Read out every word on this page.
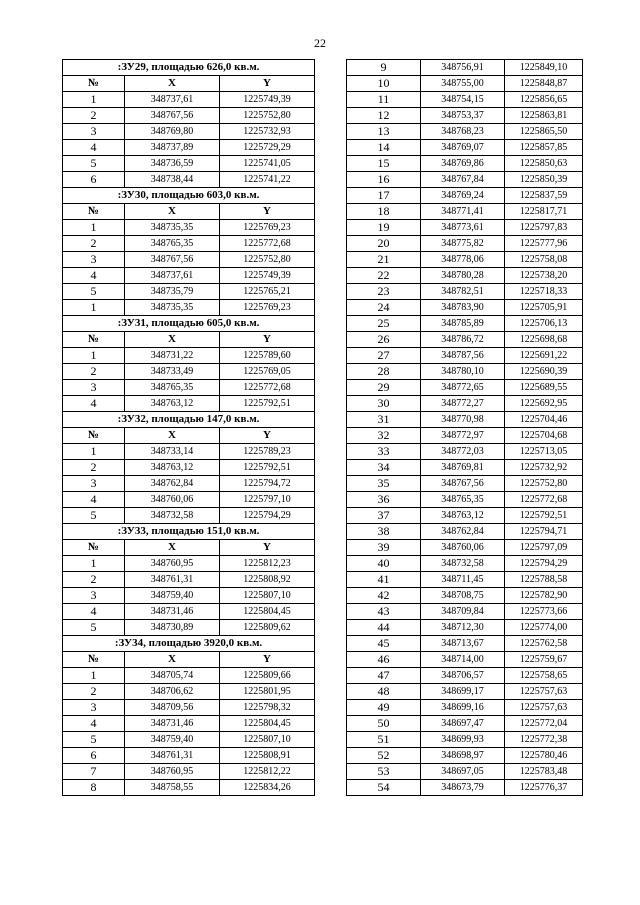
22
:ЗУ29, площадью 626,0 кв.м.		
№	X	Y
1	348737,61	1225749,39
2	348767,56	1225752,80
3	348769,80	1225732,93
4	348737,89	1225729,29
5	348736,59	1225741,05
6	348738,44	1225741,22
:ЗУ30, площадью 603,0 кв.м.		
№	X	Y
1	348735,35	1225769,23
2	348765,35	1225772,68
3	348767,56	1225752,80
4	348737,61	1225749,39
5	348735,79	1225765,21
1	348735,35	1225769,23
:ЗУ31, площадью 605,0 кв.м.		
№	X	Y
1	348731,22	1225789,60
2	348733,49	1225769,05
3	348765,35	1225772,68
4	348763,12	1225792,51
:ЗУ32, площадью 147,0 кв.м.		
№	X	Y
1	348733,14	1225789,23
2	348763,12	1225792,51
3	348762,84	1225794,72
4	348760,06	1225797,10
5	348732,58	1225794,29
:ЗУ33, площадью 151,0 кв.м.		
№	X	Y
1	348760,95	1225812,23
2	348761,31	1225808,92
3	348759,40	1225807,10
4	348731,46	1225804,45
5	348730,89	1225809,62
:ЗУ34, площадью 3920,0 кв.м.		
№	X	Y
1	348705,74	1225809,66
2	348706,62	1225801,95
3	348709,56	1225798,32
4	348731,46	1225804,45
5	348759,40	1225807,10
6	348761,31	1225808,91
7	348760,95	1225812,22
8	348758,55	1225834,26
9	348756,91	1225849,10
10	348755,00	1225848,87
11	348754,15	1225856,65
12	348753,37	1225863,81
13	348768,23	1225865,50
14	348769,07	1225857,85
15	348769,86	1225850,63
16	348767,84	1225850,39
17	348769,24	1225837,59
18	348771,41	1225817,71
19	348773,61	1225797,83
20	348775,82	1225777,96
21	348778,06	1225758,08
22	348780,28	1225738,20
23	348782,51	1225718,33
24	348783,90	1225705,91
25	348785,89	1225706,13
26	348786,72	1225698,68
27	348787,56	1225691,22
28	348780,10	1225690,39
29	348772,65	1225689,55
30	348772,27	1225692,95
31	348770,98	1225704,46
32	348772,97	1225704,68
33	348772,03	1225713,05
34	348769,81	1225732,92
35	348767,56	1225752,80
36	348765,35	1225772,68
37	348763,12	1225792,51
38	348762,84	1225794,71
39	348760,06	1225797,09
40	348732,58	1225794,29
41	348711,45	1225788,58
42	348708,75	1225782,90
43	348709,84	1225773,66
44	348712,30	1225774,00
45	348713,67	1225762,58
46	348714,00	1225759,67
47	348706,57	1225758,65
48	348699,17	1225757,63
49	348699,16	1225757,63
50	348697,47	1225772,04
51	348699,93	1225772,38
52	348698,97	1225780,46
53	348697,05	1225783,48
54	348673,79	1225776,37
